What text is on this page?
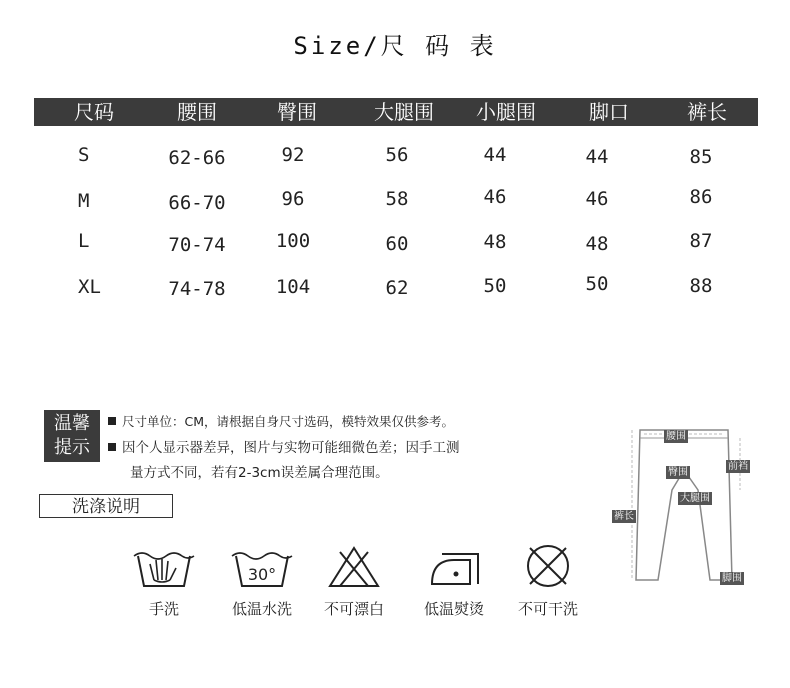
Size/尺 码 表
尺码	腰围	臀围	大腿围	小腿围	脚口	裤长
S	62-66	92	56	44	44	85
M	66-70	96	58	46	46	86
L	70-74	100	60	48	48	87
XL	74-78	104	62	50	50	88
温馨
提示
尺寸单位：CM，请根据自身尺寸选码，模特效果仅供参考。
因个人显示器差异，图片与实物可能细微色差；因手工测
量方式不同，若有2-3cm误差属合理范围。
洗涤说明
手洗
30°
低温水洗	不可漂白	低温熨烫	不可干洗
腰围
臀围
前裆
大腿围
裤长
脚围
